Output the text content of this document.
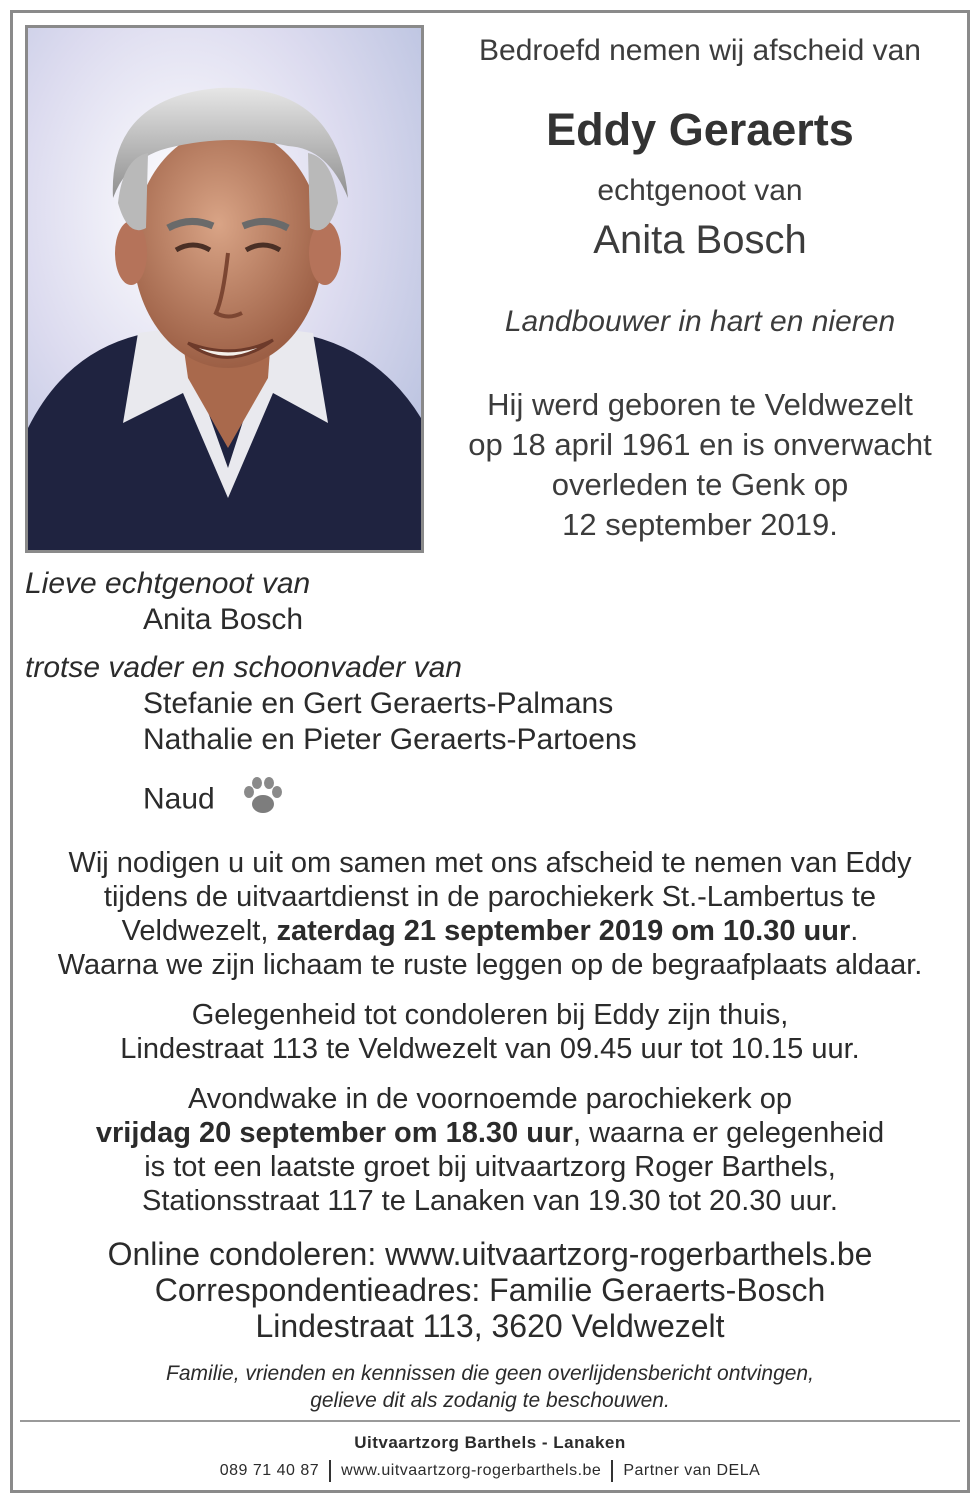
Bedroefd nemen wij afscheid van
Eddy Geraerts
echtgenoot van
Anita Bosch
Landbouwer in hart en nieren
Hij werd geboren te Veldwezelt
op 18 april 1961 en is onverwacht
overleden te Genk op
12 september 2019.
Lieve echtgenoot van
Anita Bosch
trotse vader en schoonvader van
Stefanie en Gert Geraerts-Palmans
Nathalie en Pieter Geraerts-Partoens
Naud
Wij nodigen u uit om samen met ons afscheid te nemen van Eddy
tijdens de uitvaartdienst in de parochiekerk St.-Lambertus te
Veldwezelt, zaterdag 21 september 2019 om 10.30 uur.
Waarna we zijn lichaam te ruste leggen op de begraafplaats aldaar.
Gelegenheid tot condoleren bij Eddy zijn thuis,
Lindestraat 113 te Veldwezelt van 09.45 uur tot 10.15 uur.
Avondwake in de voornoemde parochiekerk op
vrijdag 20 september om 18.30 uur, waarna er gelegenheid
is tot een laatste groet bij uitvaartzorg Roger Barthels,
Stationsstraat 117 te Lanaken van 19.30 tot 20.30 uur.
Online condoleren: www.uitvaartzorg-rogerbarthels.be
Correspondentieadres: Familie Geraerts-Bosch
Lindestraat 113, 3620 Veldwezelt
Familie, vrienden en kennissen die geen overlijdensbericht ontvingen,
gelieve dit als zodanig te beschouwen.
Uitvaartzorg Barthels - Lanaken
089 71 40 87 www.uitvaartzorg-rogerbarthels.be Partner van DELA
